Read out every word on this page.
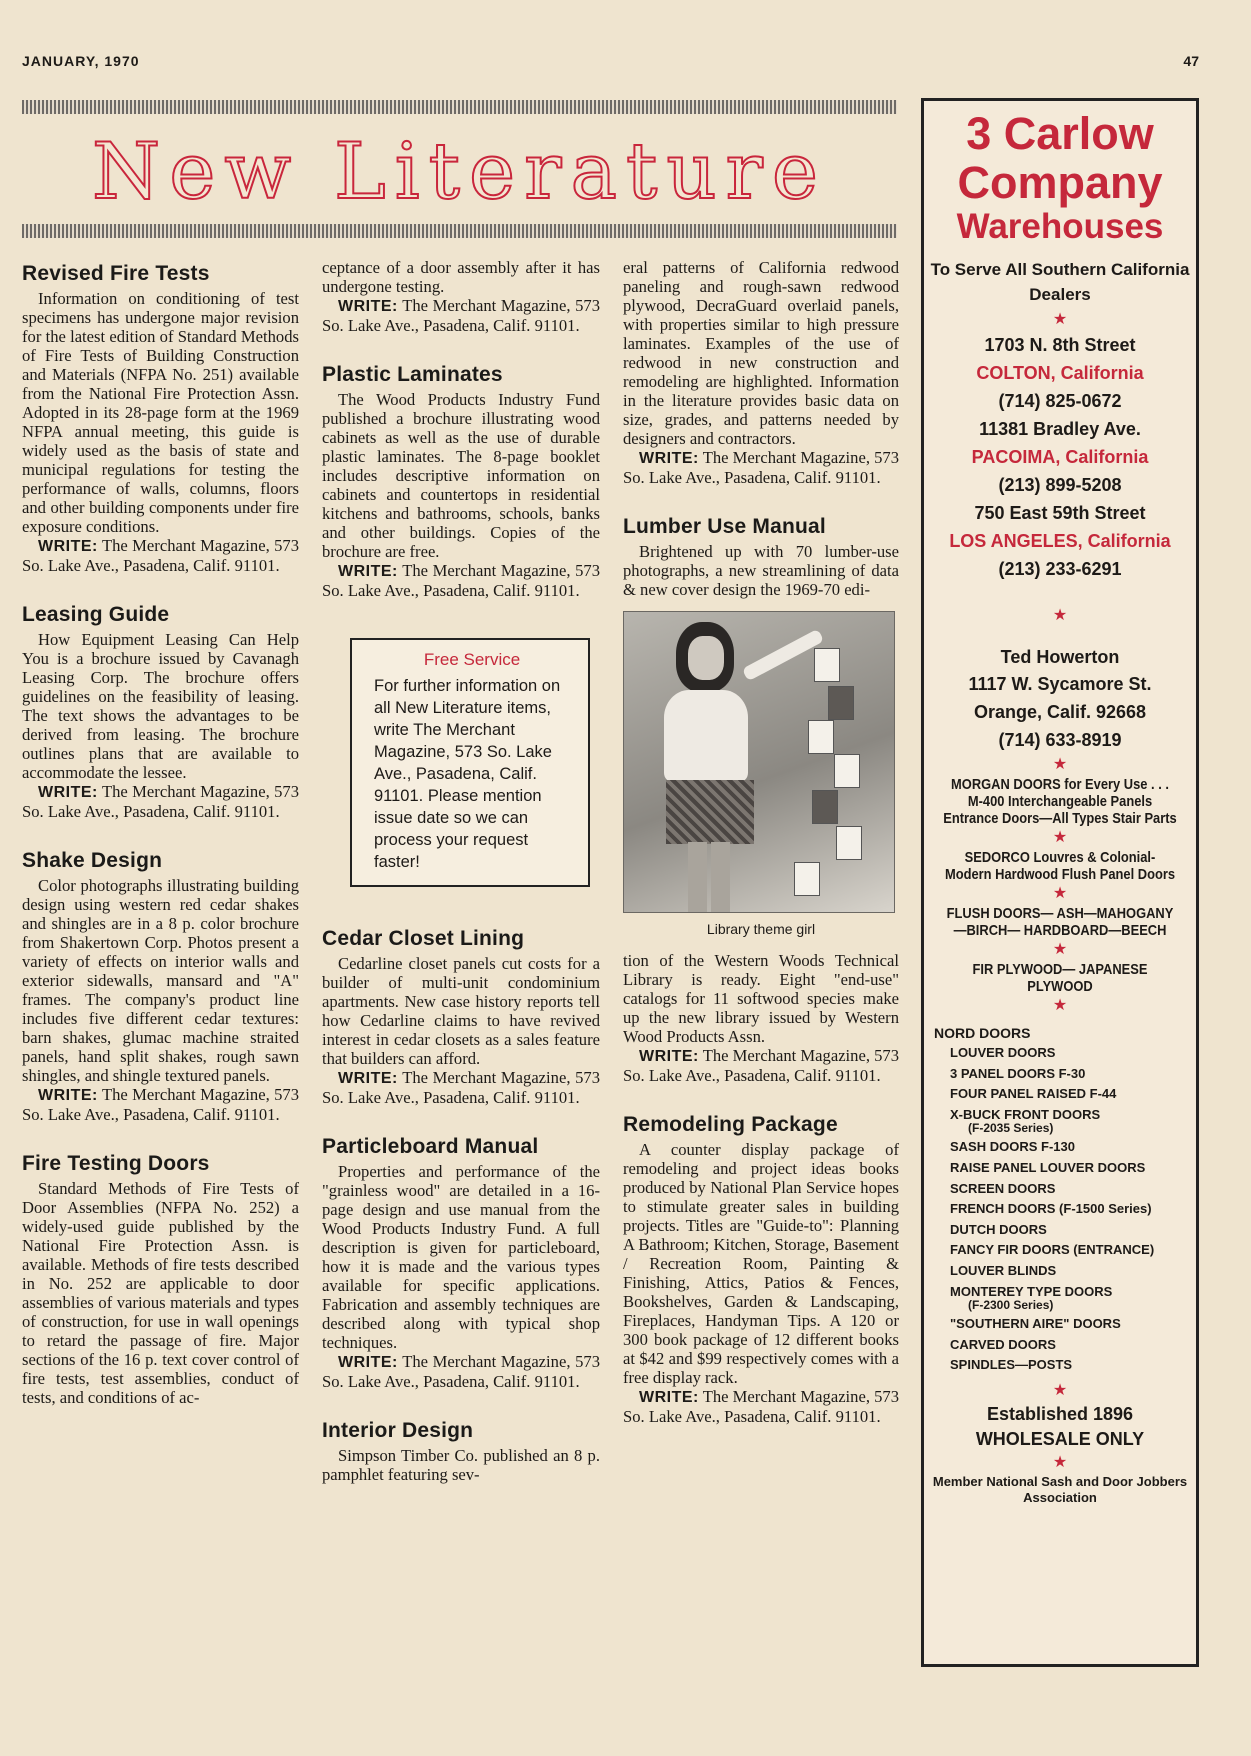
JANUARY, 1970	47
New Literature
Revised Fire Tests

Information on conditioning of test specimens has undergone major revision for the latest edition of Standard Methods of Fire Tests of Building Construction and Materials (NFPA No. 251) available from the National Fire Protection Assn. Adopted in its 28-page form at the 1969 NFPA annual meeting, this guide is widely used as the basis of state and municipal regulations for testing the performance of walls, columns, floors and other building components under fire exposure conditions.

WRITE: The Merchant Magazine, 573 So. Lake Ave., Pasadena, Calif. 91101.

Leasing Guide

How Equipment Leasing Can Help You is a brochure issued by Cavanagh Leasing Corp. The brochure offers guidelines on the feasibility of leasing. The text shows the advantages to be derived from leasing. The brochure outlines plans that are available to accommodate the lessee.

WRITE: The Merchant Magazine, 573 So. Lake Ave., Pasadena, Calif. 91101.

Shake Design

Color photographs illustrating building design using western red cedar shakes and shingles are in a 8 p. color brochure from Shakertown Corp. Photos present a variety of effects on interior walls and exterior sidewalls, mansard and "A" frames. The company's product line includes five different cedar textures: barn shakes, glumac machine straited panels, hand split shakes, rough sawn shingles, and shingle textured panels.

WRITE: The Merchant Magazine, 573 So. Lake Ave., Pasadena, Calif. 91101.

Fire Testing Doors

Standard Methods of Fire Tests of Door Assemblies (NFPA No. 252) a widely-used guide published by the National Fire Protection Assn. is available. Methods of fire tests described in No. 252 are applicable to door assemblies of various materials and types of construction, for use in wall openings to retard the passage of fire. Major sections of the 16 p. text cover control of fire tests, test assemblies, conduct of tests, and conditions of ac-

ceptance of a door assembly after it has undergone testing.

WRITE: The Merchant Magazine, 573 So. Lake Ave., Pasadena, Calif. 91101.

Plastic Laminates

The Wood Products Industry Fund published a brochure illustrating wood cabinets as well as the use of durable plastic laminates. The 8-page booklet includes descriptive information on cabinets and countertops in residential kitchens and bathrooms, schools, banks and other buildings. Copies of the brochure are free.

WRITE: The Merchant Magazine, 573 So. Lake Ave., Pasadena, Calif. 91101.

Free Service
For further information on all New Literature items, write The Merchant Magazine, 573 So. Lake Ave., Pasadena, Calif. 91101. Please mention issue date so we can process your request faster!
Cedar Closet Lining

Cedarline closet panels cut costs for a builder of multi-unit condominium apartments. New case history reports tell how Cedarline claims to have revived interest in cedar closets as a sales feature that builders can afford.

WRITE: The Merchant Magazine, 573 So. Lake Ave., Pasadena, Calif. 91101.

Particleboard Manual

Properties and performance of the "grainless wood" are detailed in a 16-page design and use manual from the Wood Products Industry Fund. A full description is given for particleboard, how it is made and the various types available for specific applications. Fabrication and assembly techniques are described along with typical shop techniques.

WRITE: The Merchant Magazine, 573 So. Lake Ave., Pasadena, Calif. 91101.

Interior Design

Simpson Timber Co. published an 8 p. pamphlet featuring sev-

eral patterns of California redwood paneling and rough-sawn redwood plywood, DecraGuard overlaid panels, with properties similar to high pressure laminates. Examples of the use of redwood in new construction and remodeling are highlighted. Information in the literature provides basic data on size, grades, and patterns needed by designers and contractors.

WRITE: The Merchant Magazine, 573 So. Lake Ave., Pasadena, Calif. 91101.

Lumber Use Manual

Brightened up with 70 lumber-use photographs, a new streamlining of data & new cover design the 1969-70 edi-

Library theme girl

tion of the Western Woods Technical Library is ready. Eight "end-use" catalogs for 11 softwood species make up the new library issued by Western Wood Products Assn.

WRITE: The Merchant Magazine, 573 So. Lake Ave., Pasadena, Calif. 91101.

Remodeling Package

A counter display package of remodeling and project ideas books produced by National Plan Service hopes to stimulate greater sales in building projects. Titles are "Guide-to": Planning A Bathroom; Kitchen, Storage, Basement / Recreation Room, Painting & Finishing, Attics, Patios & Fences, Bookshelves, Garden & Landscaping, Fireplaces, Handyman Tips. A 120 or 300 book package of 12 different books at $42 and $99 respectively comes with a free display rack.

WRITE: The Merchant Magazine, 573 So. Lake Ave., Pasadena, Calif. 91101.

3 Carlow
Company
Warehouses
To Serve All Southern California Dealers
★
1703 N. 8th Street
COLTON, California
(714) 825-0672
11381 Bradley Ave.
PACOIMA, California
(213) 899-5208
750 East 59th Street
LOS ANGELES, California
(213) 233-6291
★
Ted Howerton
1117 W. Sycamore St.
Orange, Calif. 92668
(714) 633-8919
★
MORGAN DOORS for Every Use . . . M-400 Interchangeable Panels Entrance Doors—All Types Stair Parts
★
SEDORCO Louvres & Colonial-Modern Hardwood Flush Panel Doors
★
FLUSH DOORS— ASH—MAHOGANY —BIRCH— HARDBOARD—BEECH
★
FIR PLYWOOD— JAPANESE PLYWOOD
★
NORD DOORS
LOUVER DOORS
3 PANEL DOORS F-30
FOUR PANEL RAISED F-44
X-BUCK FRONT DOORS
(F-2035 Series)
SASH DOORS F-130
RAISE PANEL LOUVER DOORS
SCREEN DOORS
FRENCH DOORS (F-1500 Series)
DUTCH DOORS
FANCY FIR DOORS (ENTRANCE)
LOUVER BLINDS
MONTEREY TYPE DOORS
(F-2300 Series)
"SOUTHERN AIRE" DOORS
CARVED DOORS
SPINDLES—POSTS
★
Established 1896
WHOLESALE ONLY
★
Member National Sash and Door Jobbers Association
